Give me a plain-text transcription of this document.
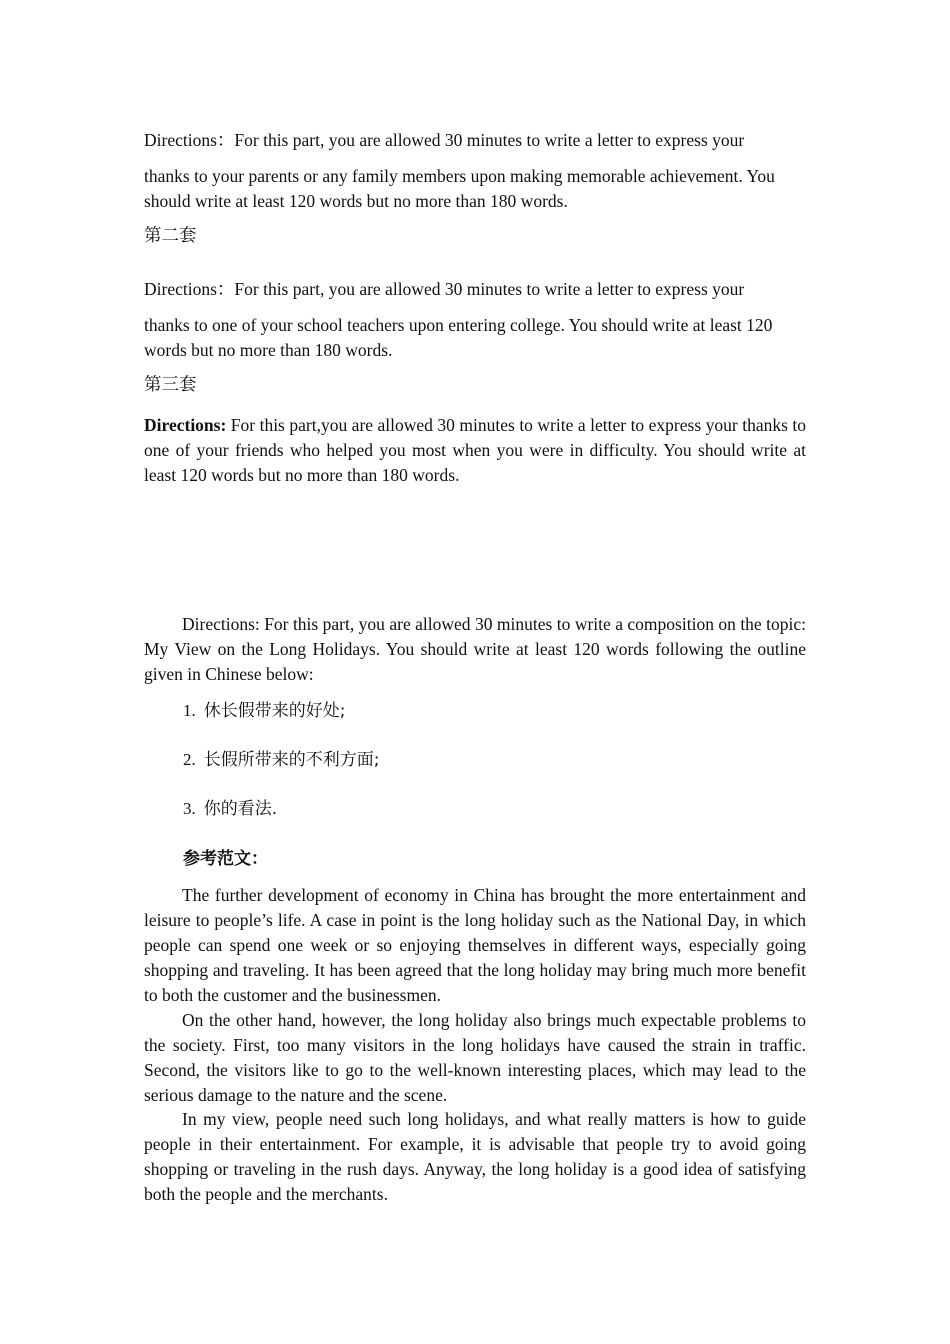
Directions：For this part, you are allowed 30 minutes to write a letter to express your
thanks to your parents or any family members upon making memorable achievement. You should write at least 120 words but no more than 180 words.
第二套
Directions：For this part, you are allowed 30 minutes to write a letter to express your
thanks to one of your school teachers upon entering college. You should write at least 120 words but no more than 180 words.
第三套
Directions: For this part,you are allowed 30 minutes to write a letter to express your thanks to one of your friends who helped you most when you were in difficulty. You should write at least 120 words but no more than 180 words.
Directions: For this part, you are allowed 30 minutes to write a composition on the topic: My View on the Long Holidays. You should write at least 120 words following the outline given in Chinese below:
1. 休长假带来的好处;
2. 长假所带来的不利方面;
3. 你的看法.
参考范文：
The further development of economy in China has brought the more entertainment and leisure to people’s life. A case in point is the long holiday such as the National Day, in which people can spend one week or so enjoying themselves in different ways, especially going shopping and traveling. It has been agreed that the long holiday may bring much more benefit to both the customer and the businessmen.
On the other hand, however, the long holiday also brings much expectable problems to the society. First, too many visitors in the long holidays have caused the strain in traffic. Second, the visitors like to go to the well-known interesting places, which may lead to the serious damage to the nature and the scene.
In my view, people need such long holidays, and what really matters is how to guide people in their entertainment. For example, it is advisable that people try to avoid going shopping or traveling in the rush days. Anyway, the long holiday is a good idea of satisfying both the people and the merchants.
